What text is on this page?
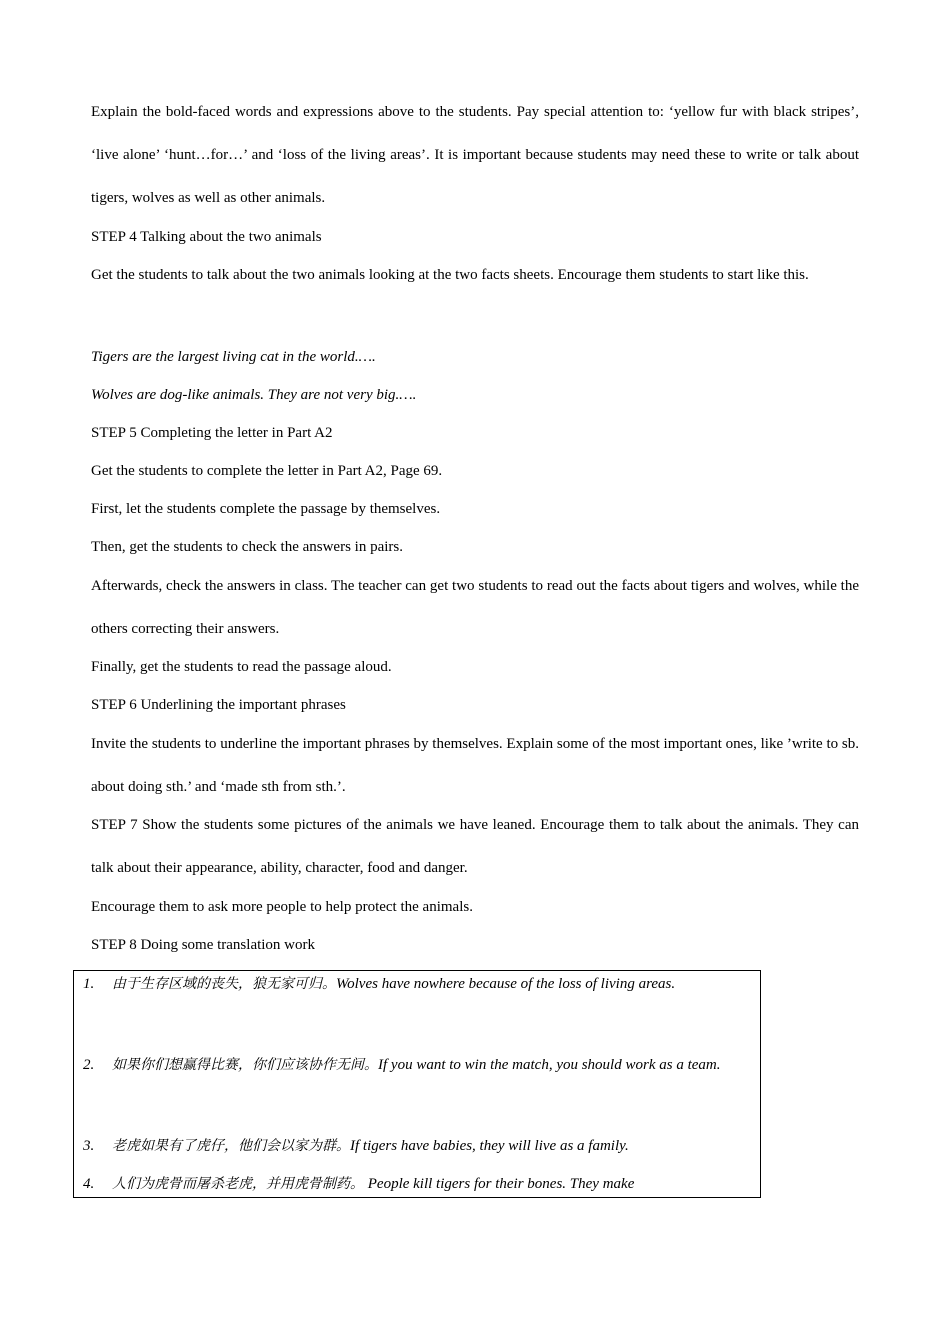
Explain the bold-faced words and expressions above to the students. Pay special attention to: ‘yellow fur with black stripes’, ‘live alone’ ‘hunt…for…’ and ‘loss of the living areas’. It is important because students may need these to write or talk about tigers, wolves as well as other animals.
STEP 4 Talking about the two animals
Get the students to talk about the two animals looking at the two facts sheets. Encourage them students to start like this.
Tigers are the largest living cat in the world.….
Wolves are dog-like animals. They are not very big.….
STEP 5 Completing the letter in Part A2
Get the students to complete the letter in Part A2, Page 69.
First, let the students complete the passage by themselves.
Then, get the students to check the answers in pairs.
Afterwards, check the answers in class. The teacher can get two students to read out the facts about tigers and wolves, while the others correcting their answers.
Finally, get the students to read the passage aloud.
STEP 6 Underlining the important phrases
Invite the students to underline the important phrases by themselves. Explain some of the most important ones, like ’write to sb. about doing sth.’ and ‘made sth from sth.’.
STEP 7 Show the students some pictures of the animals we have leaned. Encourage them to talk about the animals. They can talk about their appearance, ability, character, food and danger.
Encourage them to ask more people to help protect the animals.
STEP 8 Doing some translation work
1. 由于生存区域的丧失，狼无家可归。Wolves have nowhere because of the loss of living areas.
2. 如果你们想赢得比赛，你们应该协作无间。If you want to win the match, you should work as a team.
3. 老虎如果有了虎仔，他们会以家为群。If tigers have babies, they will live as a family.
4. 人们为虎骨而屠杀老虎，并用虎骨制药。 People kill tigers for their bones. They make
